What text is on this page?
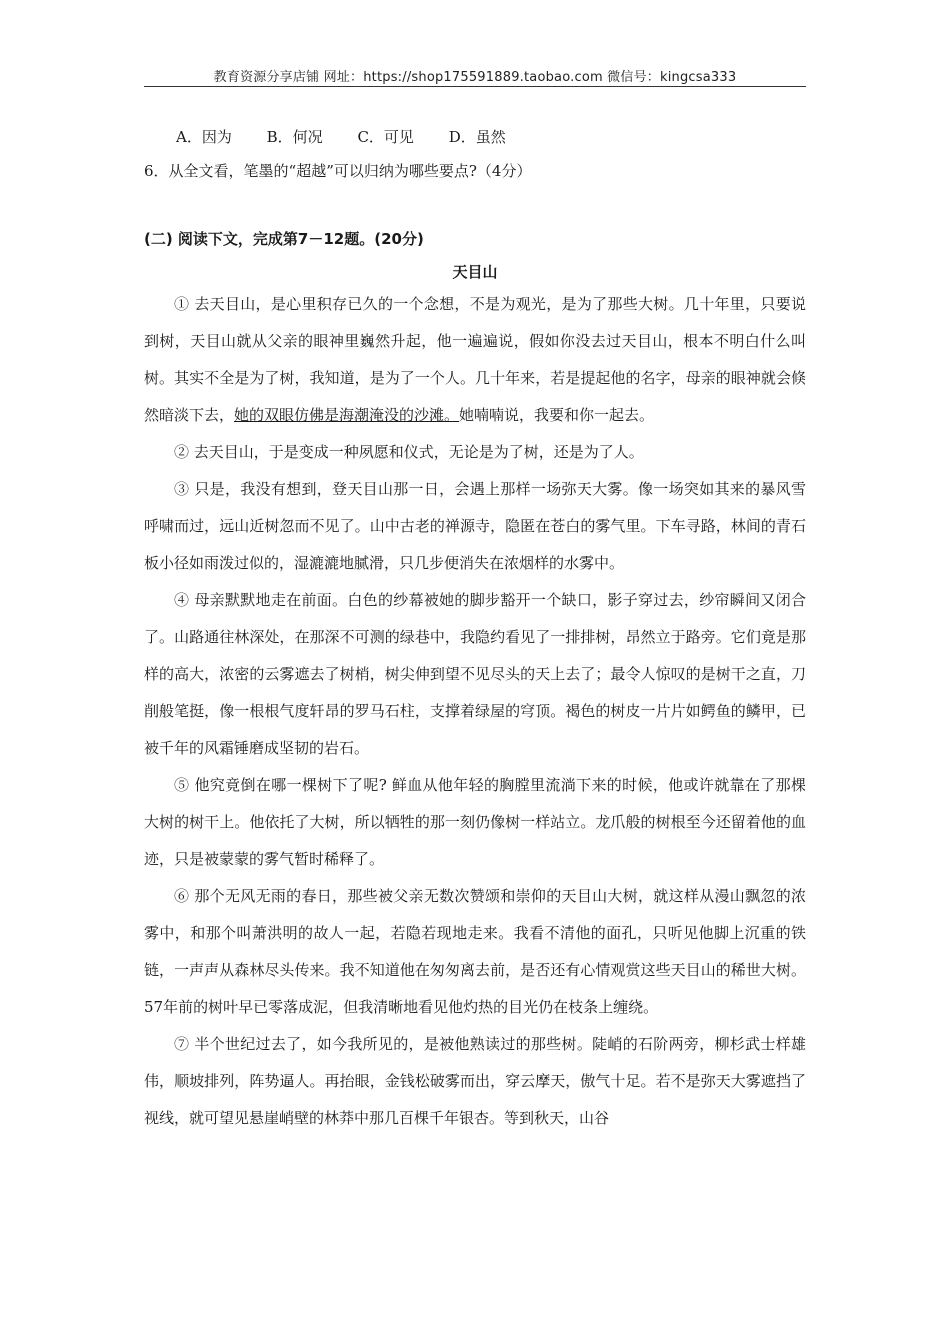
教育资源分享店铺 网址：https://shop175591889.taobao.com 微信号：kingcsa333
A．因为 B．何况 C．可见 D．虽然
6．从全文看，笔墨的“超越”可以归纳为哪些要点?（4分）
(二) 阅读下文，完成第7－12题。(20分)
天目山

① 去天目山，是心里积存已久的一个念想，不是为观光，是为了那些大树。几十年里，只要说到树，天目山就从父亲的眼神里巍然升起，他一遍遍说，假如你没去过天目山，根本不明白什么叫树。其实不全是为了树，我知道，是为了一个人。几十年来，若是提起他的名字，母亲的眼神就会倏然暗淡下去，她的双眼仿佛是海潮淹没的沙滩。她喃喃说，我要和你一起去。

② 去天目山，于是变成一种夙愿和仪式，无论是为了树，还是为了人。

③ 只是，我没有想到，登天目山那一日，会遇上那样一场弥天大雾。像一场突如其来的暴风雪呼啸而过，远山近树忽而不见了。山中古老的禅源寺，隐匿在苍白的雾气里。下车寻路，林间的青石板小径如雨泼过似的，湿漉漉地腻滑，只几步便消失在浓烟样的水雾中。

④ 母亲默默地走在前面。白色的纱幕被她的脚步豁开一个缺口，影子穿过去，纱帘瞬间又闭合了。山路通往林深处，在那深不可测的绿巷中，我隐约看见了一排排树，昂然立于路旁。它们竟是那样的高大，浓密的云雾遮去了树梢，树尖伸到望不见尽头的天上去了；最令人惊叹的是树干之直，刀削般笔挺，像一根根气度轩昂的罗马石柱，支撑着绿屋的穹顶。褐色的树皮一片片如鳄鱼的鳞甲，已被千年的风霜锤磨成坚韧的岩石。

⑤ 他究竟倒在哪一棵树下了呢? 鲜血从他年轻的胸膛里流淌下来的时候，他或许就靠在了那棵大树的树干上。他依托了大树，所以牺牲的那一刻仍像树一样站立。龙爪般的树根至今还留着他的血迹，只是被蒙蒙的雾气暂时稀释了。

⑥ 那个无风无雨的春日，那些被父亲无数次赞颂和崇仰的天目山大树，就这样从漫山飘忽的浓雾中，和那个叫萧洪明的故人一起，若隐若现地走来。我看不清他的面孔，只听见他脚上沉重的铁链，一声声从森林尽头传来。我不知道他在匆匆离去前，是否还有心情观赏这些天目山的稀世大树。57年前的树叶早已零落成泥，但我清晰地看见他灼热的目光仍在枝条上缠绕。

⑦ 半个世纪过去了，如今我所见的，是被他熟读过的那些树。陡峭的石阶两旁，柳杉武士样雄伟，顺坡排列，阵势逼人。再抬眼，金钱松破雾而出，穿云摩天，傲气十足。若不是弥天大雾遮挡了视线，就可望见悬崖峭壁的林莽中那几百棵千年银杏。等到秋天，山谷
